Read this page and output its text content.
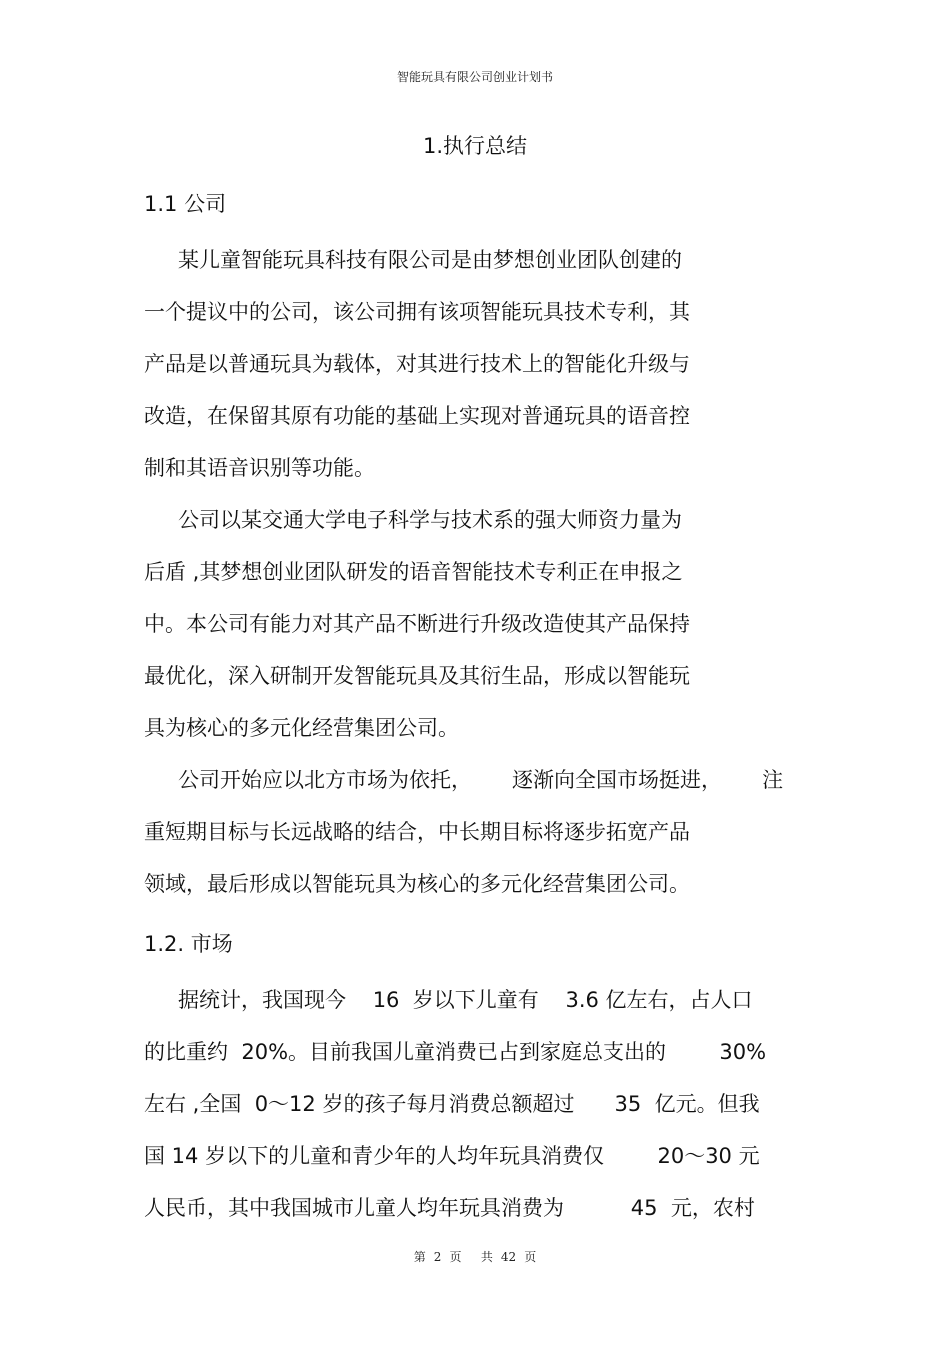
智能玩具有限公司创业计划书
1.执行总结
1.1 公司
某儿童智能玩具科技有限公司是由梦想创业团队创建的
一个提议中的公司，该公司拥有该项智能玩具技术专利，其
产品是以普通玩具为载体，对其进行技术上的智能化升级与
改造，在保留其原有功能的基础上实现对普通玩具的语音控
制和其语音识别等功能。
公司以某交通大学电子科学与技术系的强大师资力量为
后盾 ,其梦想创业团队研发的语音智能技术专利正在申报之
中。本公司有能力对其产品不断进行升级改造使其产品保持
最优化，深入研制开发智能玩具及其衍生品，形成以智能玩
具为核心的多元化经营集团公司。
公司开始应以北方市场为依托，      逐渐向全国市场挺进，      注
重短期目标与长远战略的结合，中长期目标将逐步拓宽产品
领域，最后形成以智能玩具为核心的多元化经营集团公司。
1.2. 市场
据统计，我国现今    16  岁以下儿童有    3.6 亿左右，占人口
的比重约  20%。目前我国儿童消费已占到家庭总支出的        30%
左右 ,全国  0～12 岁的孩子每月消费总额超过      35  亿元。但我
国 14 岁以下的儿童和青少年的人均年玩具消费仅        20～30 元
人民币，其中我国城市儿童人均年玩具消费为          45  元，农村
第 2 页 共 42 页
